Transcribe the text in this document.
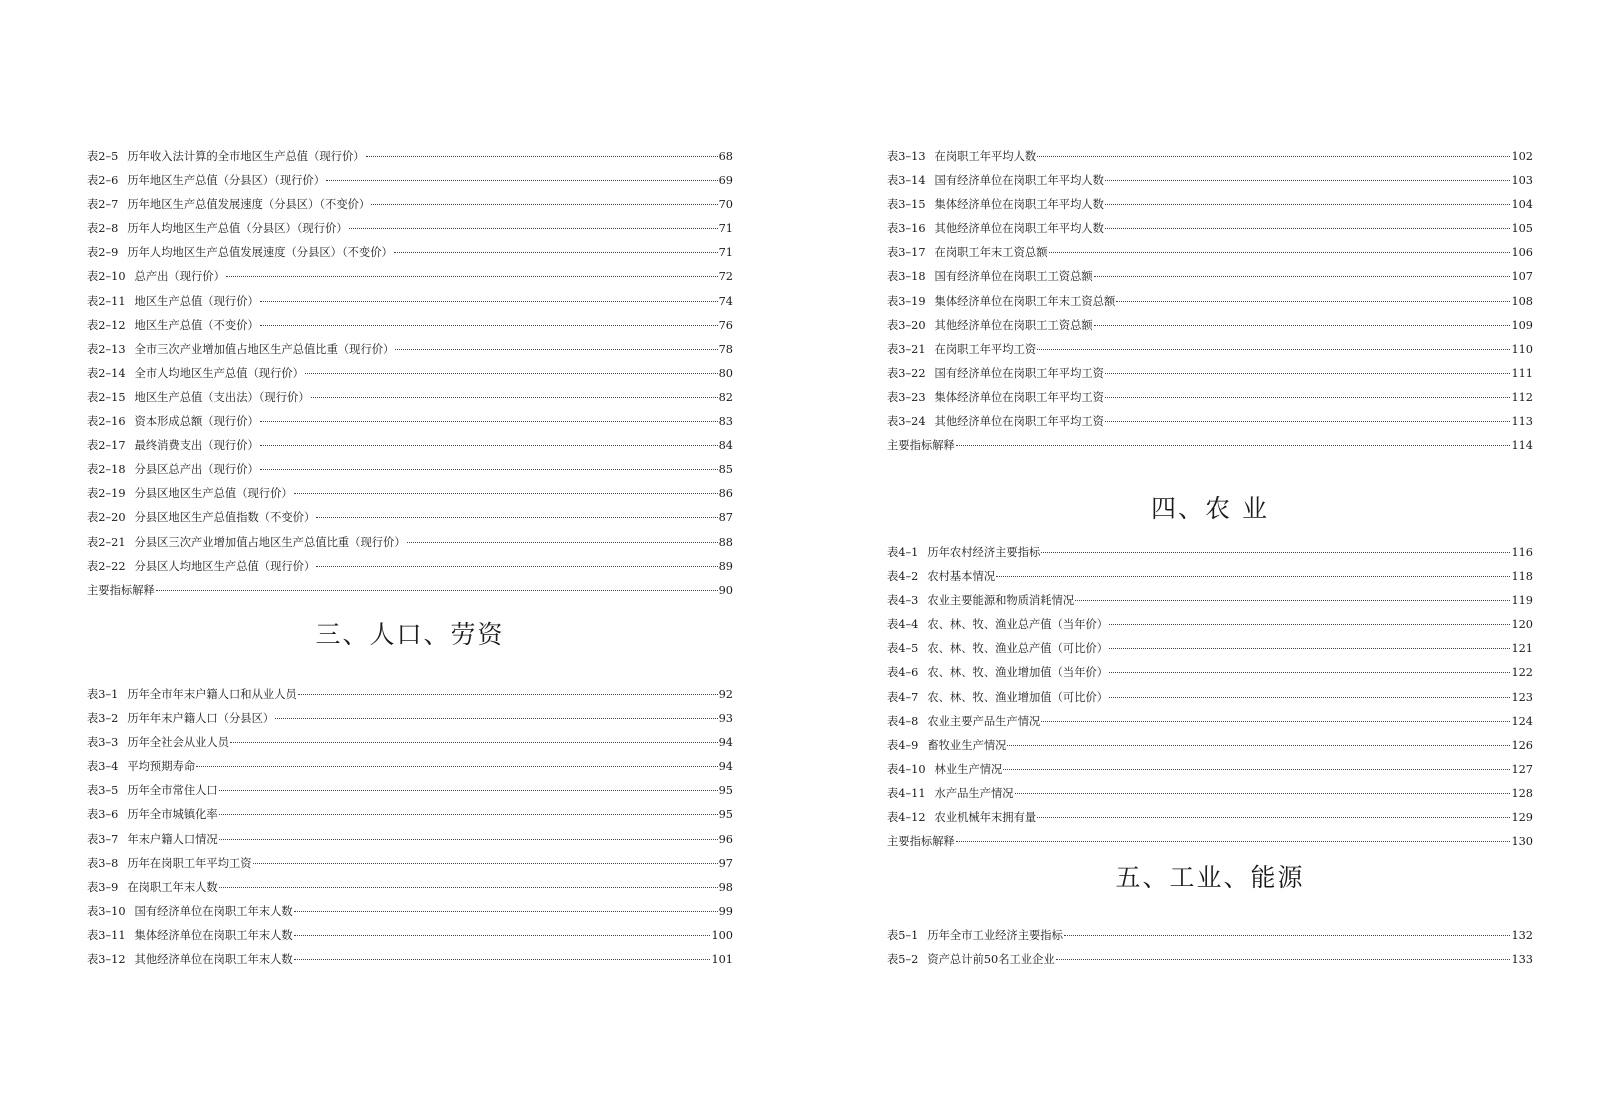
表2–5 历年收入法计算的全市地区生产总值（现行价）	68
表2–6 历年地区生产总值（分县区）（现行价）	69
表2–7 历年地区生产总值发展速度（分县区）（不变价）	70
表2–8 历年人均地区生产总值（分县区）（现行价）	71
表2–9 历年人均地区生产总值发展速度（分县区）（不变价）	71
表2–10 总产出（现行价）	72
表2–11 地区生产总值（现行价）	74
表2–12 地区生产总值（不变价）	76
表2–13 全市三次产业增加值占地区生产总值比重（现行价）	78
表2–14 全市人均地区生产总值（现行价）	80
表2–15 地区生产总值（支出法）（现行价）	82
表2–16 资本形成总额（现行价）	83
表2–17 最终消费支出（现行价）	84
表2–18 分县区总产出（现行价）	85
表2–19 分县区地区生产总值（现行价）	86
表2–20 分县区地区生产总值指数（不变价）	87
表2–21 分县区三次产业增加值占地区生产总值比重（现行价）	88
表2–22 分县区人均地区生产总值（现行价）	89
主要指标解释	90
三、人口、劳资
表3–1 历年全市年末户籍人口和从业人员	92
表3–2 历年年末户籍人口（分县区）	93
表3–3 历年全社会从业人员	94
表3–4 平均预期寿命	94
表3–5 历年全市常住人口	95
表3–6 历年全市城镇化率	95
表3–7 年末户籍人口情况	96
表3–8 历年在岗职工年平均工资	97
表3–9 在岗职工年末人数	98
表3–10 国有经济单位在岗职工年末人数	99
表3–11 集体经济单位在岗职工年末人数	100
表3–12 其他经济单位在岗职工年末人数	101
表3–13 在岗职工年平均人数	102
表3–14 国有经济单位在岗职工年平均人数	103
表3–15 集体经济单位在岗职工年平均人数	104
表3–16 其他经济单位在岗职工年平均人数	105
表3–17 在岗职工年末工资总额	106
表3–18 国有经济单位在岗职工工资总额	107
表3–19 集体经济单位在岗职工年末工资总额	108
表3–20 其他经济单位在岗职工工资总额	109
表3–21 在岗职工年平均工资	110
表3–22 国有经济单位在岗职工年平均工资	111
表3–23 集体经济单位在岗职工年平均工资	112
表3–24 其他经济单位在岗职工年平均工资	113
主要指标解释	114
四、农 业
表4–1 历年农村经济主要指标	116
表4–2 农村基本情况	118
表4–3 农业主要能源和物质消耗情况	119
表4–4 农、林、牧、渔业总产值（当年价）	120
表4–5 农、林、牧、渔业总产值（可比价）	121
表4–6 农、林、牧、渔业增加值（当年价）	122
表4–7 农、林、牧、渔业增加值（可比价）	123
表4–8 农业主要产品生产情况	124
表4–9 畜牧业生产情况	126
表4–10 林业生产情况	127
表4–11 水产品生产情况	128
表4–12 农业机械年末拥有量	129
主要指标解释	130
五、工业、能源
表5–1 历年全市工业经济主要指标	132
表5–2 资产总计前50名工业企业	133
